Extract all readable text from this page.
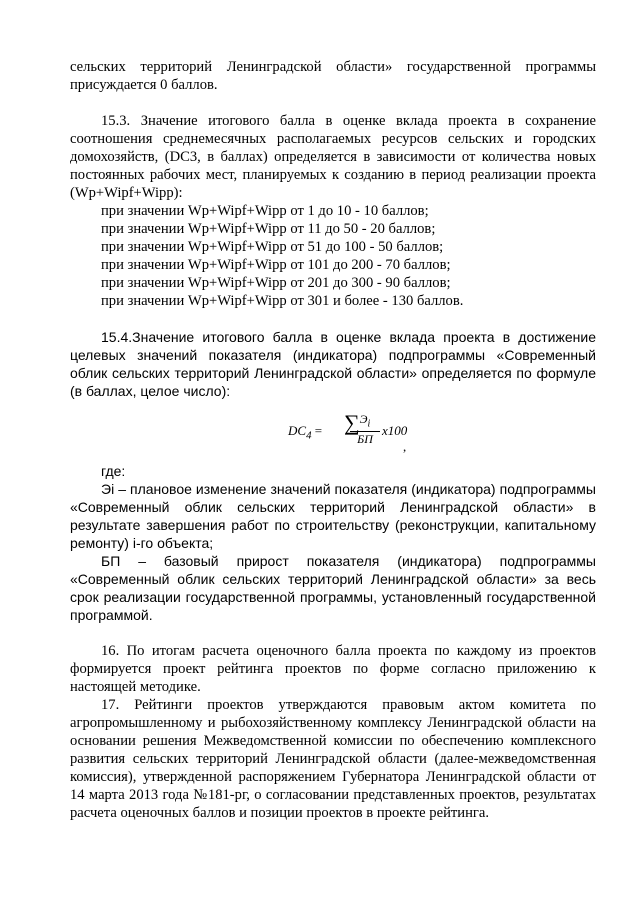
сельских территорий Ленинградской области» государственной программы присуждается 0 баллов.

15.3. Значение итогового балла в оценке вклада проекта в сохранение соотношения среднемесячных располагаемых ресурсов сельских и городских домохозяйств, (DC3, в баллах) определяется в зависимости от количества новых постоянных рабочих мест, планируемых к созданию в период реализации проекта (Wp+Wipf+Wipp):

при значении Wp+Wipf+Wipp от 1 до 10 - 10 баллов;

при значении Wp+Wipf+Wipp от 11 до 50 - 20 баллов;

при значении Wp+Wipf+Wipp от 51 до 100 - 50 баллов;

при значении Wp+Wipf+Wipp от 101 до 200 - 70 баллов;

при значении Wp+Wipf+Wipp от 201 до 300 - 90 баллов;

при значении Wp+Wipf+Wipp от 301 и более - 130 баллов.

15.4.Значение итогового балла в оценке вклада проекта в достижение целевых значений показателя (индикатора) подпрограммы «Современный облик сельских территорий Ленинградской области» определяется по формуле (в баллах, целое число):

$DC_4$ = ∑ $Э_i$
БП
x100
,

где:

Эi – плановое изменение значений показателя (индикатора) подпрограммы «Современный облик сельских территорий Ленинградской области» в результате завершения работ по строительству (реконструкции, капитальному ремонту) i-го объекта;

БП – базовый прирост показателя (индикатора) подпрограммы «Современный облик сельских территорий Ленинградской области» за весь срок реализации государственной программы, установленный государственной программой.

16. По итогам расчета оценочного балла проекта по каждому из проектов формируется проект рейтинга проектов по форме согласно приложению к настоящей методике.

17. Рейтинги проектов утверждаются правовым актом комитета по агропромышленному и рыбохозяйственному комплексу Ленинградской области на основании решения Межведомственной комиссии по обеспечению комплексного развития сельских территорий Ленинградской области (далее-межведомственная комиссия), утвержденной распоряжением Губернатора Ленинградской области от 14 марта 2013 года №181-рг, о согласовании представленных проектов, результатах расчета оценочных баллов и позиции проектов в проекте рейтинга.
